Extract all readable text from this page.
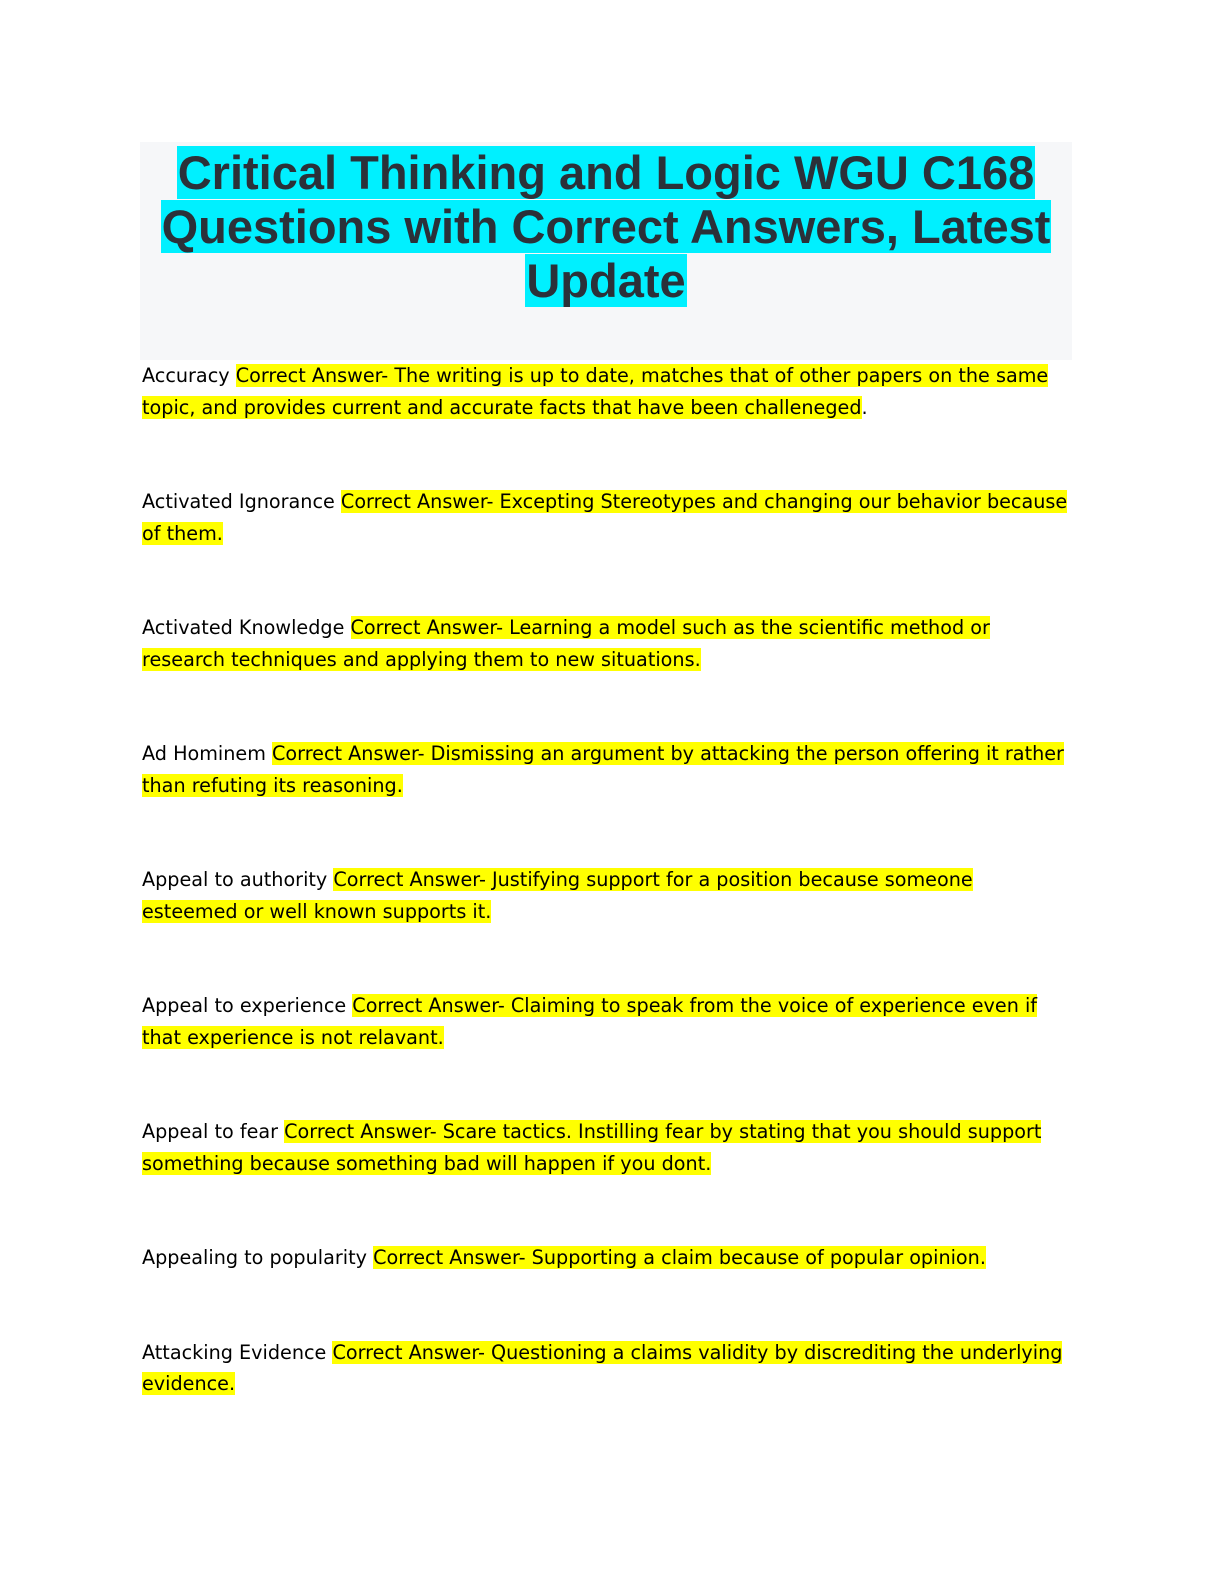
Critical Thinking and Logic WGU C168 Questions with Correct Answers, Latest Update

Accuracy Correct Answer- The writing is up to date, matches that of other papers on the same topic, and provides current and accurate facts that have been challeneged.

Activated Ignorance Correct Answer- Excepting Stereotypes and changing our behavior because of them.

Activated Knowledge Correct Answer- Learning a model such as the scientific method or research techniques and applying them to new situations.

Ad Hominem Correct Answer- Dismissing an argument by attacking the person offering it rather than refuting its reasoning.

Appeal to authority Correct Answer- Justifying support for a position because someone esteemed or well known supports it.

Appeal to experience Correct Answer- Claiming to speak from the voice of experience even if that experience is not relavant.

Appeal to fear Correct Answer- Scare tactics. Instilling fear by stating that you should support something because something bad will happen if you dont.

Appealing to popularity Correct Answer- Supporting a claim because of popular opinion.

Attacking Evidence Correct Answer- Questioning a claims validity by discrediting the underlying evidence.
